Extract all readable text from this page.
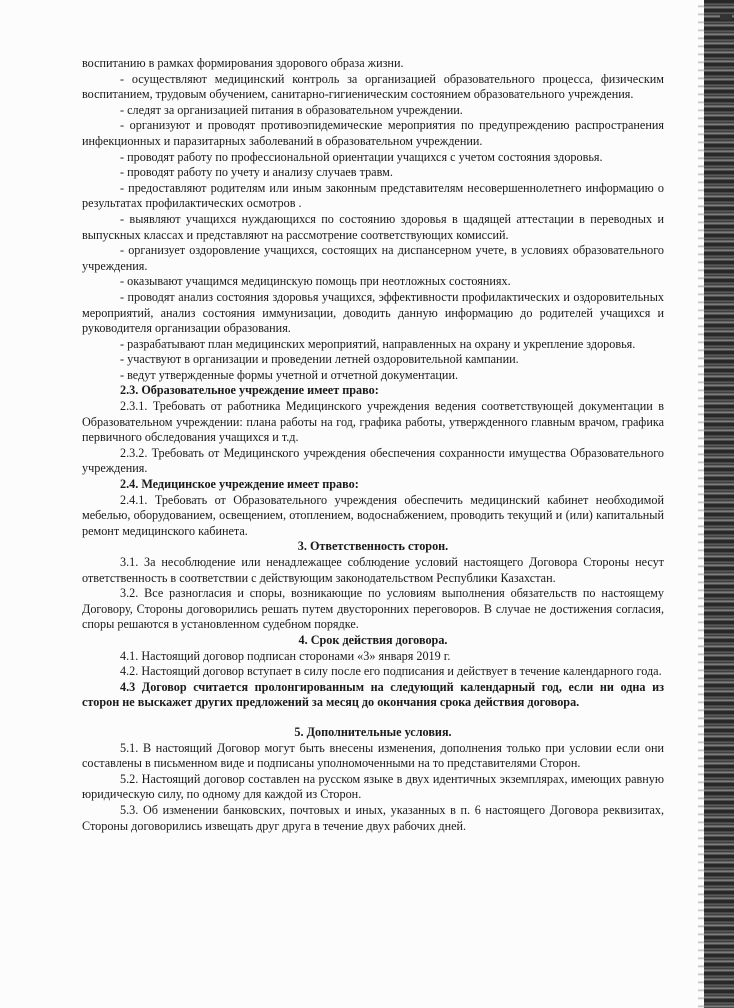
воспитанию в рамках формирования здорового образа жизни.

- осуществляют медицинский контроль за организацией образовательного процесса, физическим воспитанием, трудовым обучением, санитарно-гигиеническим состоянием образовательного учреждения.

- следят за организацией питания в образовательном учреждении.

- организуют и проводят противоэпидемические мероприятия по предупреждению распространения инфекционных и паразитарных заболеваний в образовательном учреждении.

- проводят работу по профессиональной ориентации учащихся с учетом состояния здоровья.

- проводят работу по учету и анализу случаев травм.

- предоставляют родителям или иным законным представителям несовершеннолетнего информацию о результатах профилактических осмотров .

- выявляют учащихся нуждающихся по состоянию здоровья в щадящей аттестации в переводных и выпускных классах и представляют на рассмотрение соответствующих комиссий.

- организует оздоровление учащихся, состоящих на диспансерном учете, в условиях образовательного учреждения.

- оказывают учащимся медицинскую помощь при неотложных состояниях.

- проводят анализ состояния здоровья учащихся, эффективности профилактических и оздоровительных мероприятий, анализ состояния иммунизации, доводить данную информацию до родителей учащихся и руководителя организации образования.

- разрабатывают план медицинских мероприятий, направленных на охрану и укрепление здоровья.

- участвуют в организации и проведении летней оздоровительной кампании.

- ведут утвержденные формы учетной и отчетной документации.

2.3. Образовательное учреждение имеет право:

2.3.1. Требовать от работника Медицинского учреждения ведения соответствующей документации в Образовательном учреждении: плана работы на год, графика работы, утвержденного главным врачом, графика первичного обследования учащихся и т.д.

2.3.2. Требовать от Медицинского учреждения обеспечения сохранности имущества Образовательного учреждения.

2.4. Медицинское учреждение имеет право:

2.4.1. Требовать от Образовательного учреждения обеспечить медицинский кабинет необходимой мебелью, оборудованием, освещением, отоплением, водоснабжением, проводить текущий и (или) капитальный ремонт медицинского кабинета.

3. Ответственность сторон.

3.1. За несоблюдение или ненадлежащее соблюдение условий настоящего Договора Стороны несут ответственность в соответствии с действующим законодательством Республики Казахстан.

3.2. Все разногласия и споры, возникающие по условиям выполнения обязательств по настоящему Договору, Стороны договорились решать путем двусторонних переговоров. В случае не достижения согласия, споры решаются в установленном судебном порядке.

4. Срок действия договора.

4.1. Настоящий договор подписан сторонами «3» января 2019 г.

4.2. Настоящий договор вступает в силу после его подписания и действует в течение календарного года.

4.3 Договор считается пролонгированным на следующий календарный год, если ни одна из сторон не выскажет других предложений за месяц до окончания срока действия договора.

5. Дополнительные условия.

5.1. В настоящий Договор могут быть внесены изменения, дополнения только при условии если они составлены в письменном виде и подписаны уполномоченными на то представителями Сторон.

5.2. Настоящий договор составлен на русском языке в двух идентичных экземплярах, имеющих равную юридическую силу, по одному для каждой из Сторон.

5.3. Об изменении банковских, почтовых и иных, указанных в п. 6 настоящего Договора реквизитах, Стороны договорились извещать друг друга в течение двух рабочих дней.
